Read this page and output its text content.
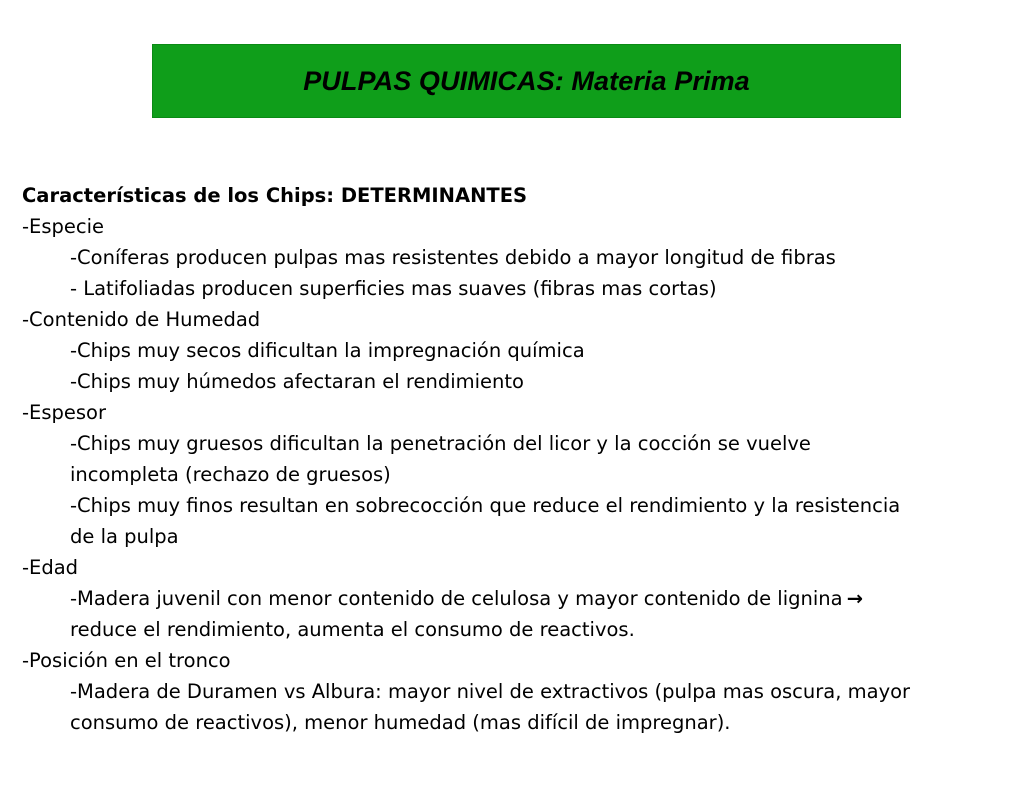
PULPAS QUIMICAS: Materia Prima
Características de los Chips: DETERMINANTES
-Especie
-Coníferas producen pulpas mas resistentes debido a mayor longitud de fibras
- Latifoliadas producen superficies mas suaves (fibras mas cortas)
-Contenido de Humedad
-Chips muy secos dificultan la impregnación química
-Chips muy húmedos afectaran el rendimiento
-Espesor
-Chips muy gruesos dificultan la penetración del licor y la cocción se vuelve
incompleta (rechazo de gruesos)
-Chips muy finos resultan en sobrecocción que reduce el rendimiento y la resistencia
de la pulpa
-Edad
-Madera juvenil con menor contenido de celulosa y mayor contenido de lignina →
reduce el rendimiento, aumenta el consumo de reactivos.
-Posición en el tronco
-Madera de Duramen vs Albura: mayor nivel de extractivos (pulpa mas oscura, mayor
consumo de reactivos), menor humedad (mas difícil de impregnar).
